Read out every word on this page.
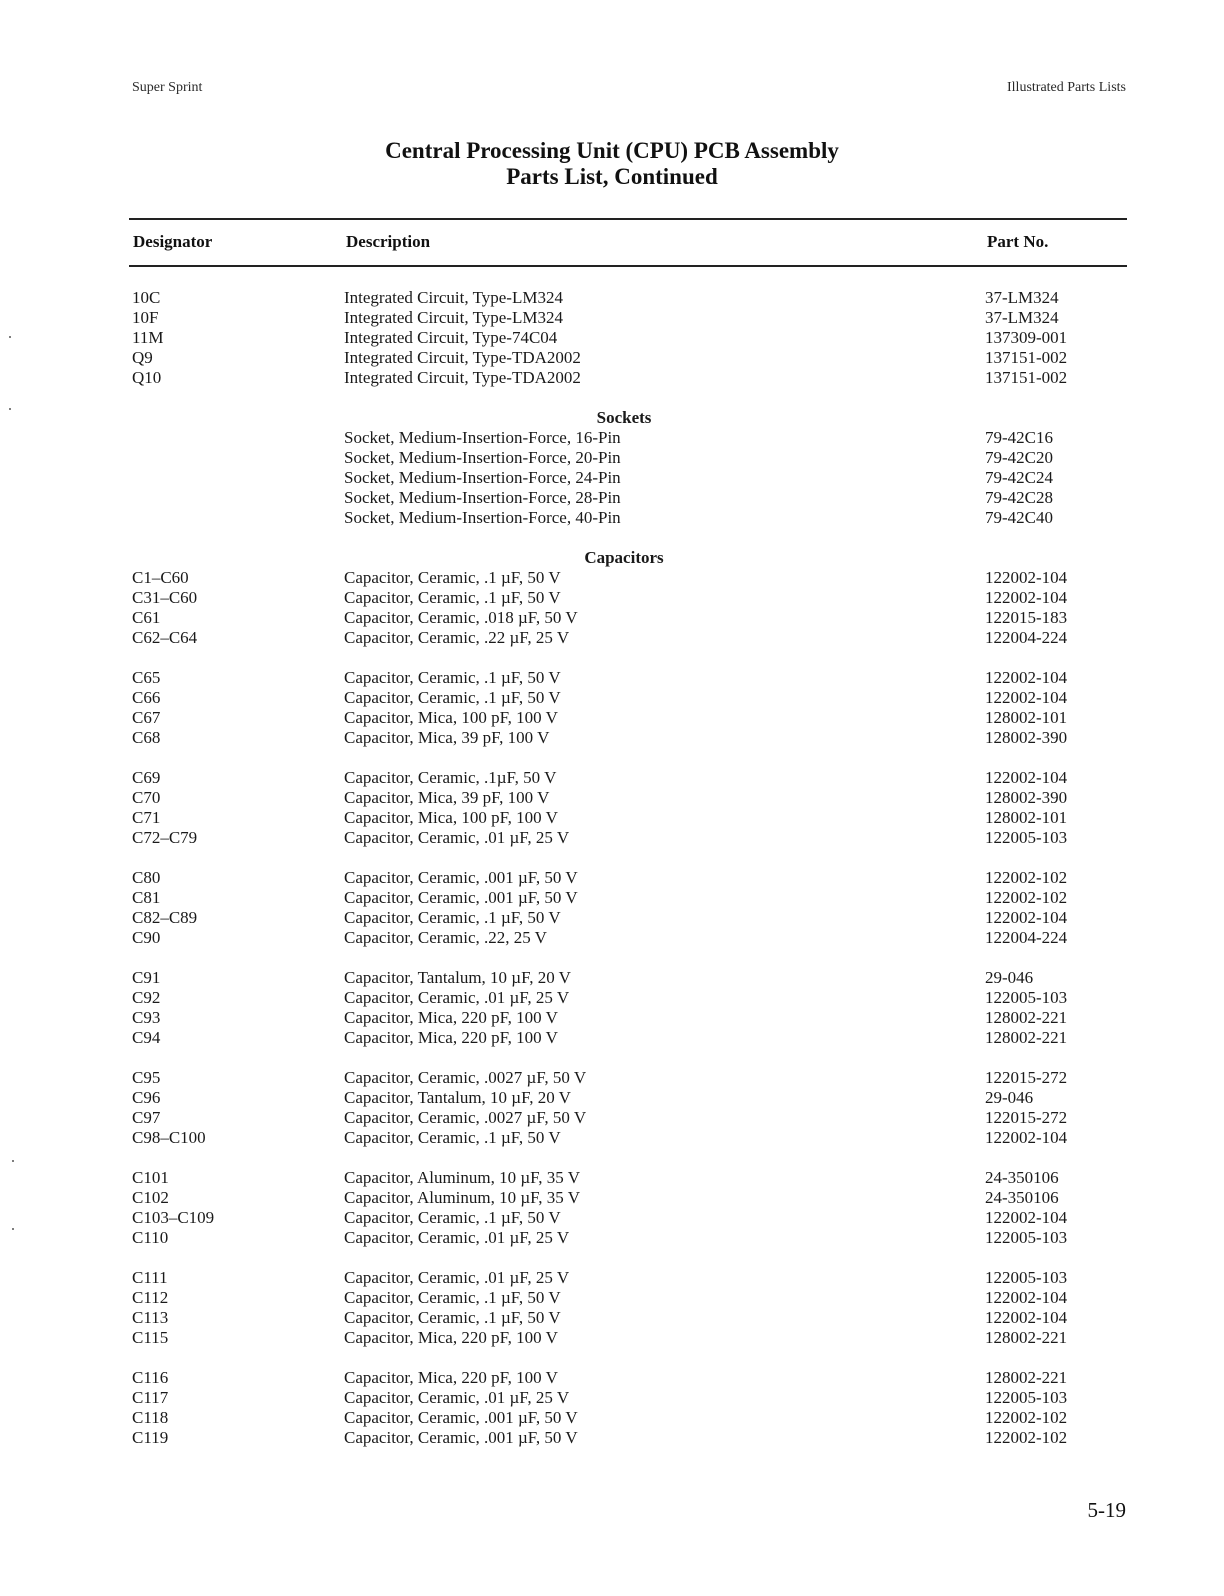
Super Sprint	Illustrated Parts Lists
Central Processing Unit (CPU) PCB Assembly
Parts List, Continued
Designator	Description	Part No.
10C	Integrated Circuit, Type-LM324	37-LM324
10F	Integrated Circuit, Type-LM324	37-LM324
11M	Integrated Circuit, Type-74C04	137309-001
Q9	Integrated Circuit, Type-TDA2002	137151-002
Q10	Integrated Circuit, Type-TDA2002	137151-002
Sockets
Socket, Medium-Insertion-Force, 16-Pin	79-42C16
Socket, Medium-Insertion-Force, 20-Pin	79-42C20
Socket, Medium-Insertion-Force, 24-Pin	79-42C24
Socket, Medium-Insertion-Force, 28-Pin	79-42C28
Socket, Medium-Insertion-Force, 40-Pin	79-42C40
Capacitors
C1–C60	Capacitor, Ceramic, .1 µF, 50 V	122002-104
C31–C60	Capacitor, Ceramic, .1 µF, 50 V	122002-104
C61	Capacitor, Ceramic, .018 µF, 50 V	122015-183
C62–C64	Capacitor, Ceramic, .22 µF, 25 V	122004-224
C65	Capacitor, Ceramic, .1 µF, 50 V	122002-104
C66	Capacitor, Ceramic, .1 µF, 50 V	122002-104
C67	Capacitor, Mica, 100 pF, 100 V	128002-101
C68	Capacitor, Mica, 39 pF, 100 V	128002-390
C69	Capacitor, Ceramic, .1µF, 50 V	122002-104
C70	Capacitor, Mica, 39 pF, 100 V	128002-390
C71	Capacitor, Mica, 100 pF, 100 V	128002-101
C72–C79	Capacitor, Ceramic, .01 µF, 25 V	122005-103
C80	Capacitor, Ceramic, .001 µF, 50 V	122002-102
C81	Capacitor, Ceramic, .001 µF, 50 V	122002-102
C82–C89	Capacitor, Ceramic, .1 µF, 50 V	122002-104
C90	Capacitor, Ceramic, .22, 25 V	122004-224
C91	Capacitor, Tantalum, 10 µF, 20 V	29-046
C92	Capacitor, Ceramic, .01 µF, 25 V	122005-103
C93	Capacitor, Mica, 220 pF, 100 V	128002-221
C94	Capacitor, Mica, 220 pF, 100 V	128002-221
C95	Capacitor, Ceramic, .0027 µF, 50 V	122015-272
C96	Capacitor, Tantalum, 10 µF, 20 V	29-046
C97	Capacitor, Ceramic, .0027 µF, 50 V	122015-272
C98–C100	Capacitor, Ceramic, .1 µF, 50 V	122002-104
C101	Capacitor, Aluminum, 10 µF, 35 V	24-350106
C102	Capacitor, Aluminum, 10 µF, 35 V	24-350106
C103–C109	Capacitor, Ceramic, .1 µF, 50 V	122002-104
C110	Capacitor, Ceramic, .01 µF, 25 V	122005-103
C111	Capacitor, Ceramic, .01 µF, 25 V	122005-103
C112	Capacitor, Ceramic, .1 µF, 50 V	122002-104
C113	Capacitor, Ceramic, .1 µF, 50 V	122002-104
C115	Capacitor, Mica, 220 pF, 100 V	128002-221
C116	Capacitor, Mica, 220 pF, 100 V	128002-221
C117	Capacitor, Ceramic, .01 µF, 25 V	122005-103
C118	Capacitor, Ceramic, .001 µF, 50 V	122002-102
C119	Capacitor, Ceramic, .001 µF, 50 V	122002-102
5-19
